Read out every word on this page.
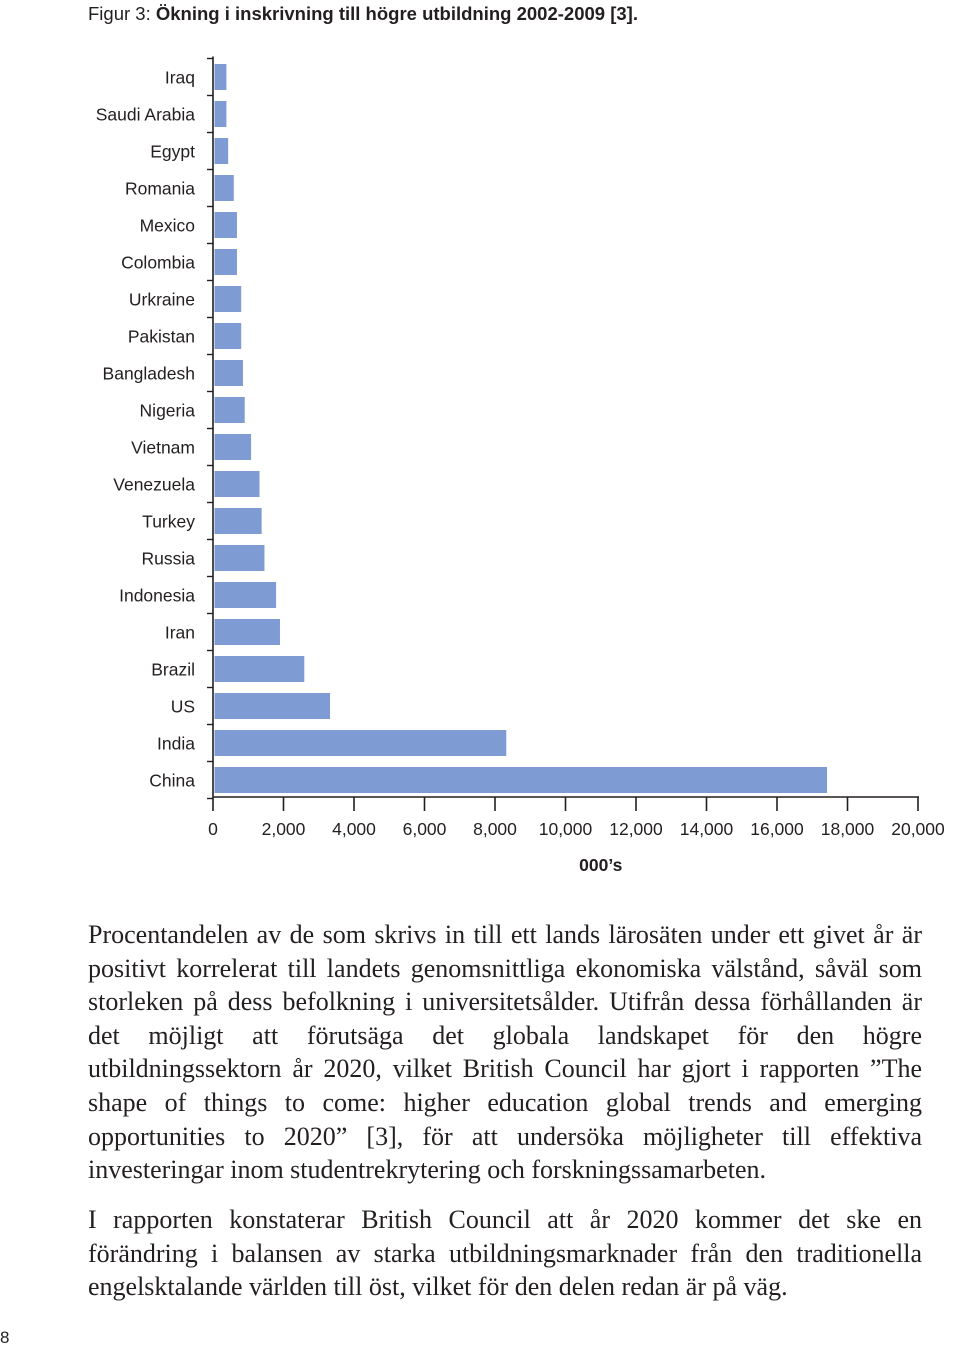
Figur 3: Ökning i inskrivning till högre utbildning 2002-2009 [3].
Iraq
Saudi Arabia
Egypt
Romania
Mexico
Colombia
Urkraine
Pakistan
Bangladesh
Nigeria
Vietnam
Venezuela
Turkey
Russia
Indonesia
Iran
Brazil
US
India
China
0 2,000 4,000 6,000 8,000 10,000 12,000 14,000 16,000 18,000 20,000
000’s
Procentandelen av de som skrivs in till ett lands lärosäten under ett givet år är positivt korrelerat till landets genomsnittliga ekonomiska välstånd, såväl som storleken på dess befolkning i universitetsålder. Utifrån dessa förhållanden är det möjligt att förutsäga det globala landskapet för den högre utbildningssektorn år 2020, vilket British Council har gjort i rapporten ”The shape of things to come: higher education global trends and emerging opportunities to 2020” [3], för att undersöka möjligheter till effektiva investeringar inom studentrekrytering och forskningssamarbeten.
I rapporten konstaterar British Council att år 2020 kommer det ske en förändring i balansen av starka utbildningsmarknader från den traditionella engelsktalande världen till öst, vilket för den delen redan är på väg.
8
